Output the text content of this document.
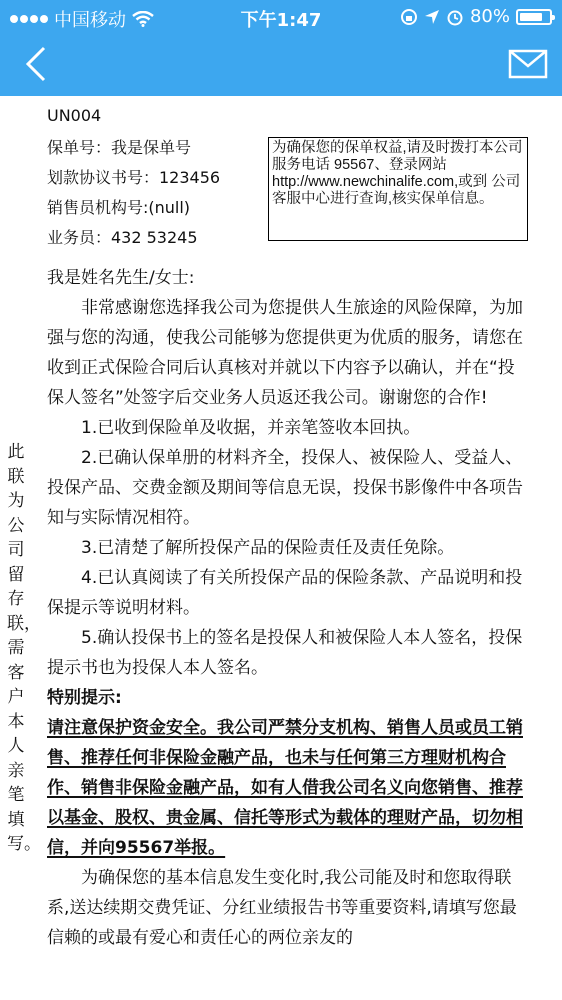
中国移动	下午1:47	80%
UN004
保单号：我是保单号
划款协议书号：123456
销售员机构号:(null)
业务员：432 53245
为确保您的保单权益,请及时拨打本公司服务电话 95567、登录网站http://www.newchinalife.com,或到 公司客服中心进行查询,核实保单信息。
此联为公司留存联，需客户本人亲笔填写。

我是姓名先生/女士:

非常感谢您选择我公司为您提供人生旅途的风险保障，为加强与您的沟通，使我公司能够为您提供更为优质的服务，请您在收到正式保险合同后认真核对并就以下内容予以确认，并在“投保人签名”处签字后交业务人员返还我公司。谢谢您的合作!

1.已收到保险单及收据，并亲笔签收本回执。

2.已确认保单册的材料齐全，投保人、被保险人、受益人、投保产品、交费金额及期间等信息无误，投保书影像件中各项告知与实际情况相符。

3.已清楚了解所投保产品的保险责任及责任免除。

4.已认真阅读了有关所投保产品的保险条款、产品说明和投保提示等说明材料。

5.确认投保书上的签名是投保人和被保险人本人签名，投保提示书也为投保人本人签名。

特别提示:

请注意保护资金安全。我公司严禁分支机构、销售人员或员工销售、推荐任何非保险金融产品，也未与任何第三方理财机构合作、销售非保险金融产品，如有人借我公司名义向您销售、推荐以基金、股权、贵金属、信托等形式为载体的理财产品，切勿相信，并向95567举报。

为确保您的基本信息发生变化时,我公司能及时和您取得联系,送达续期交费凭证、分红业绩报告书等重要资料,请填写您最信赖的或最有爱心和责任心的两位亲友的
